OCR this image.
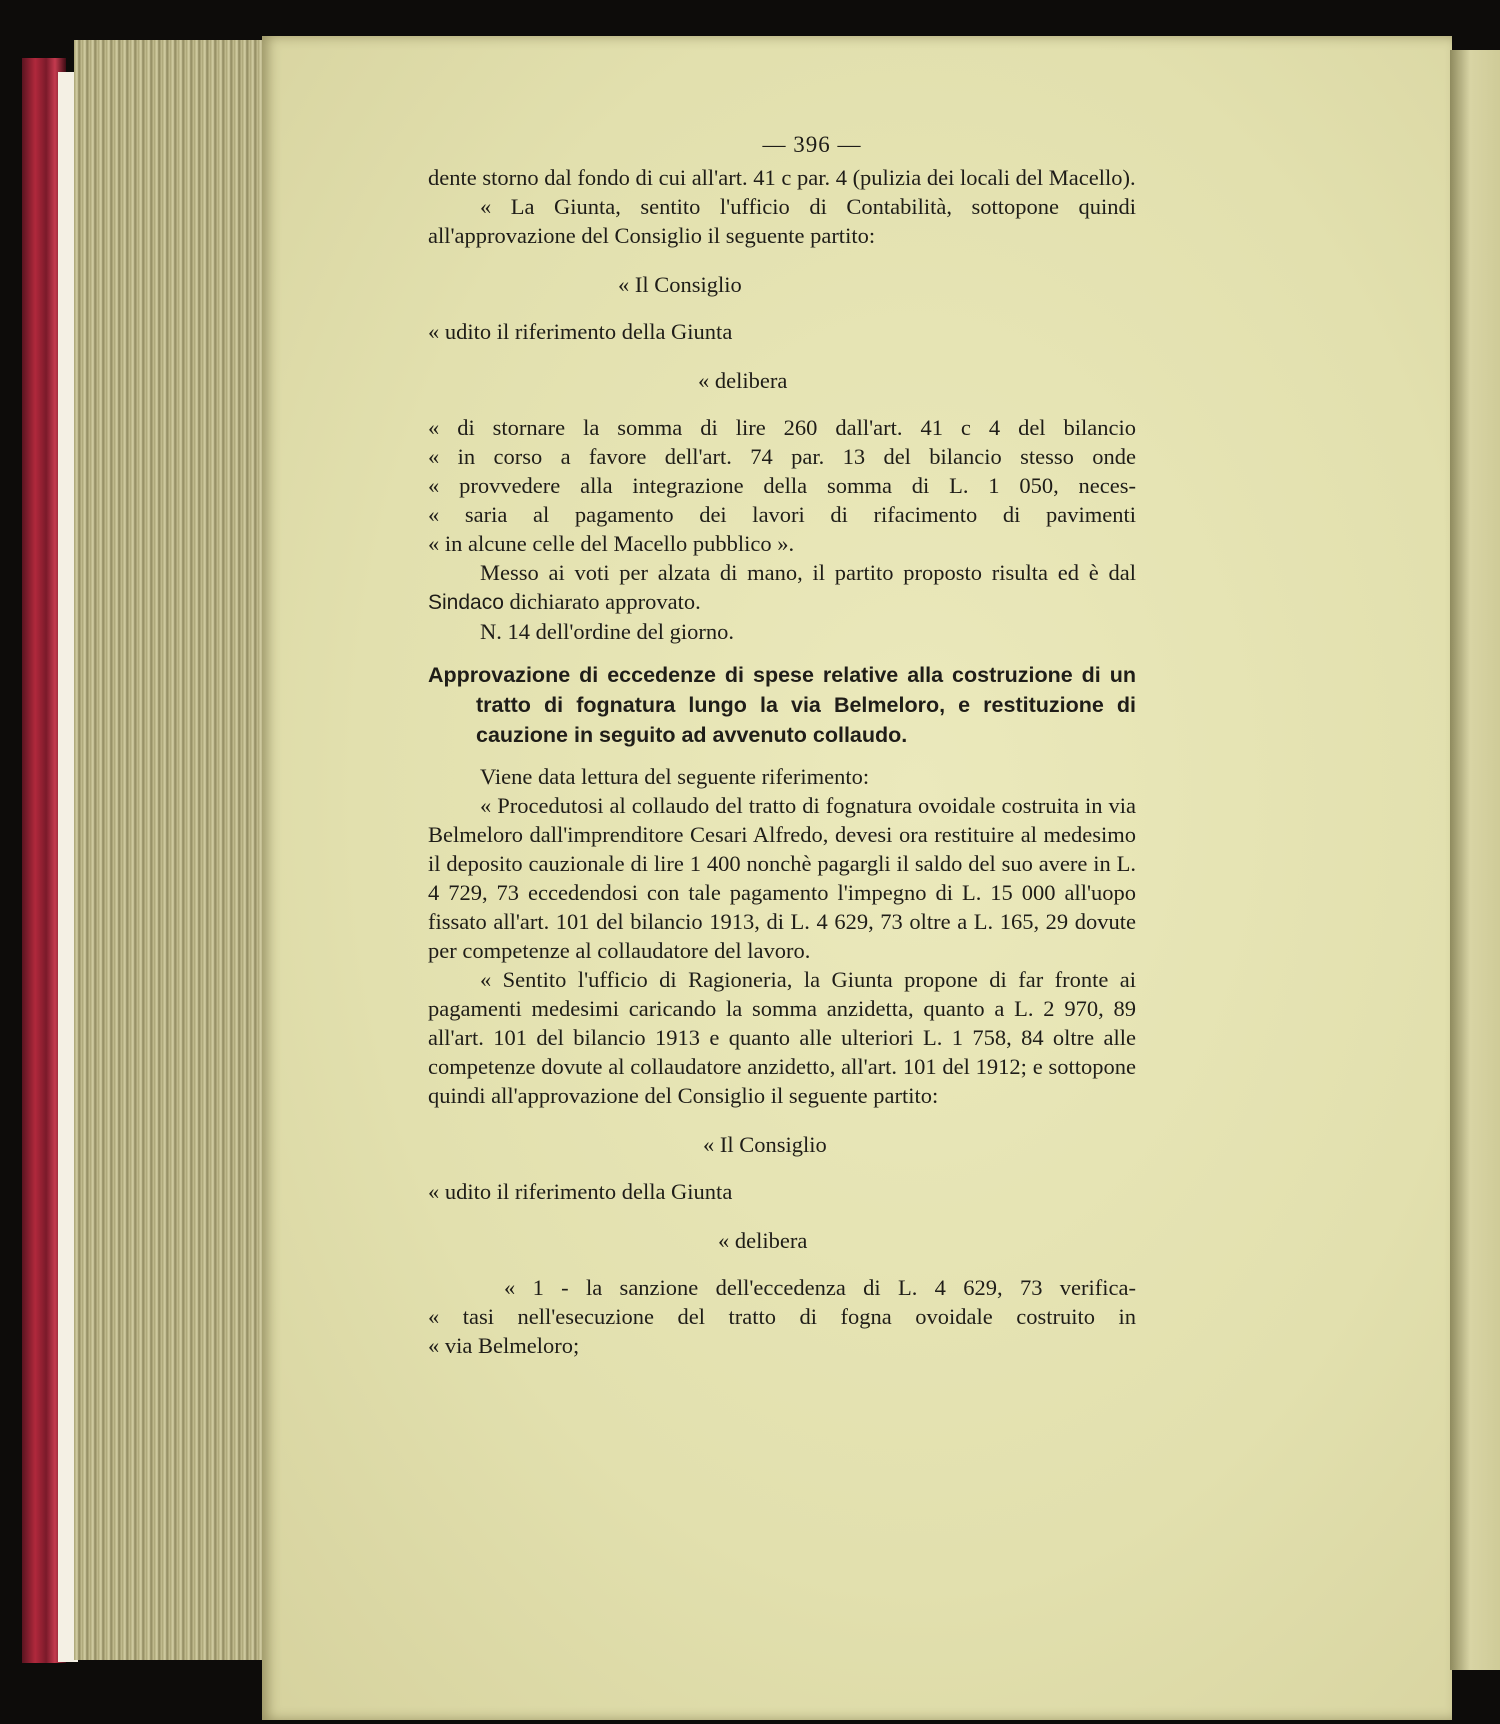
— 396 —

dente storno dal fondo di cui all'art. 41 c par. 4 (pulizia dei locali del Macello).

« La Giunta, sentito l'ufficio di Contabilità, sottopone quindi all'approvazione del Consiglio il seguente partito:

« Il Consiglio

« udito il riferimento della Giunta

« delibera

« di stornare la somma di lire 260 dall'art. 41 c 4 del bilancio

« in corso a favore dell'art. 74 par. 13 del bilancio stesso onde

« provvedere alla integrazione della somma di L. 1 050, neces-

« saria al pagamento dei lavori di rifacimento di pavimenti

« in alcune celle del Macello pubblico ».

Messo ai voti per alzata di mano, il partito proposto risulta ed è dal Sindaco dichiarato approvato.

N. 14 dell'ordine del giorno.

Approvazione di eccedenze di spese relative alla costruzione di un tratto di fognatura lungo la via Belmeloro, e restituzione di cauzione in seguito ad avvenuto collaudo.

Viene data lettura del seguente riferimento:

« Procedutosi al collaudo del tratto di fognatura ovoidale costruita in via Belmeloro dall'imprenditore Cesari Alfredo, devesi ora restituire al medesimo il deposito cauzionale di lire 1 400 nonchè pagargli il saldo del suo avere in L. 4 729, 73 eccedendosi con tale pagamento l'impegno di L. 15 000 all'uopo fissato all'art. 101 del bilancio 1913, di L. 4 629, 73 oltre a L. 165, 29 dovute per competenze al collaudatore del lavoro.

« Sentito l'ufficio di Ragioneria, la Giunta propone di far fronte ai pagamenti medesimi caricando la somma anzidetta, quanto a L. 2 970, 89 all'art. 101 del bilancio 1913 e quanto alle ulteriori L. 1 758, 84 oltre alle competenze dovute al collaudatore anzidetto, all'art. 101 del 1912; e sottopone quindi all'approvazione del Consiglio il seguente partito:

« Il Consiglio

« udito il riferimento della Giunta

« delibera

« 1 - la sanzione dell'eccedenza di L. 4 629, 73 verifica-

« tasi nell'esecuzione del tratto di fogna ovoidale costruito in

« via Belmeloro;
